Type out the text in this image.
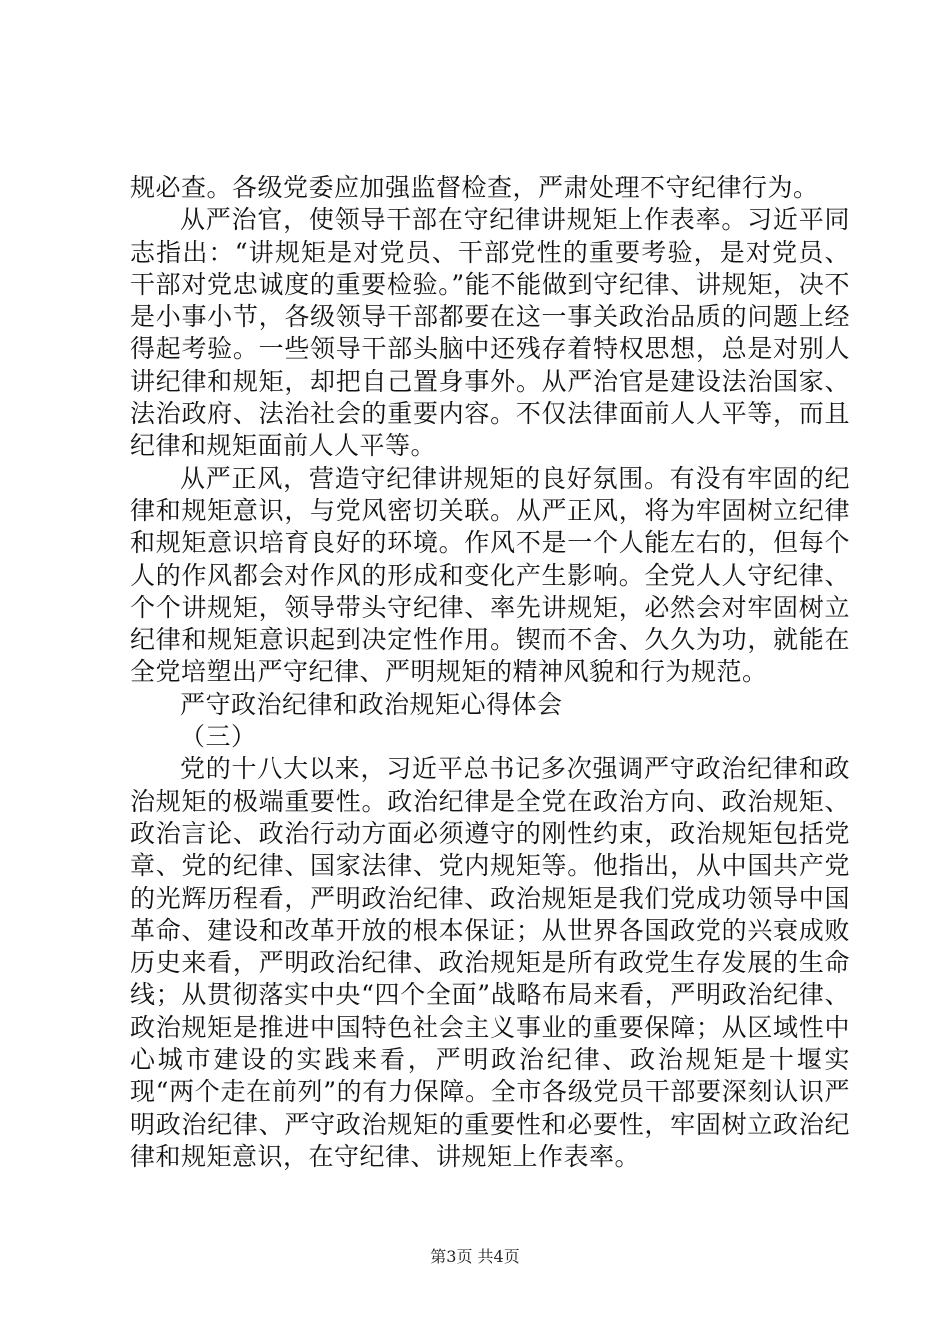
规必查。各级党委应加强监督检查，严肃处理不守纪律行为。

从严治官，使领导干部在守纪律讲规矩上作表率。习近平同志指出：“讲规矩是对党员、干部党性的重要考验，是对党员、干部对党忠诚度的重要检验。”能不能做到守纪律、讲规矩，决不是小事小节，各级领导干部都要在这一事关政治品质的问题上经得起考验。一些领导干部头脑中还残存着特权思想，总是对别人讲纪律和规矩，却把自己置身事外。从严治官是建设法治国家、法治政府、法治社会的重要内容。不仅法律面前人人平等，而且纪律和规矩面前人人平等。

从严正风，营造守纪律讲规矩的良好氛围。有没有牢固的纪律和规矩意识，与党风密切关联。从严正风，将为牢固树立纪律和规矩意识培育良好的环境。作风不是一个人能左右的，但每个人的作风都会对作风的形成和变化产生影响。全党人人守纪律、个个讲规矩，领导带头守纪律、率先讲规矩，必然会对牢固树立纪律和规矩意识起到决定性作用。锲而不舍、久久为功，就能在全党培塑出严守纪律、严明规矩的精神风貌和行为规范。

严守政治纪律和政治规矩心得体会

（三）

党的十八大以来，习近平总书记多次强调严守政治纪律和政治规矩的极端重要性。政治纪律是全党在政治方向、政治规矩、政治言论、政治行动方面必须遵守的刚性约束，政治规矩包括党章、党的纪律、国家法律、党内规矩等。他指出，从中国共产党的光辉历程看，严明政治纪律、政治规矩是我们党成功领导中国革命、建设和改革开放的根本保证；从世界各国政党的兴衰成败历史来看，严明政治纪律、政治规矩是所有政党生存发展的生命线；从贯彻落实中央“四个全面”战略布局来看，严明政治纪律、政治规矩是推进中国特色社会主义事业的重要保障；从区域性中心城市建设的实践来看，严明政治纪律、政治规矩是十堰实现“两个走在前列”的有力保障。全市各级党员干部要深刻认识严明政治纪律、严守政治规矩的重要性和必要性，牢固树立政治纪律和规矩意识，在守纪律、讲规矩上作表率。

第3页 共4页
